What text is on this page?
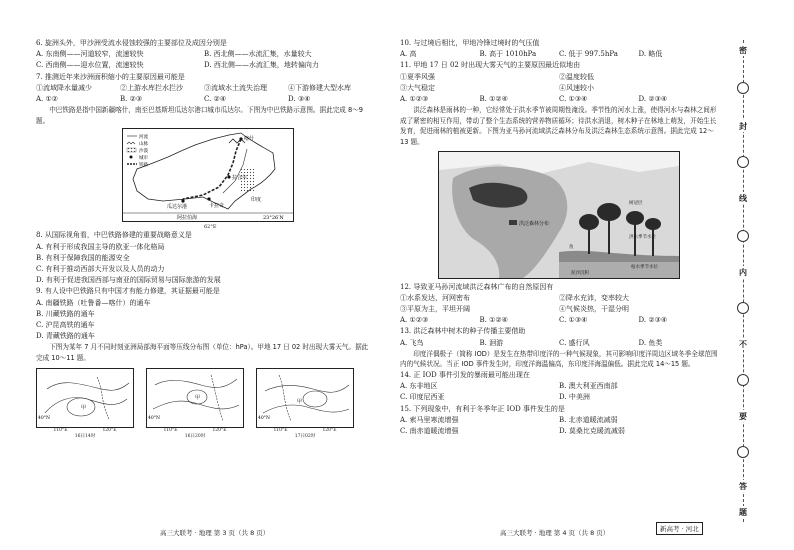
6. 旋洲头外，甲沙洲受流水侵蚀较强的主要部位及成因分别是
A. 东南侧——河道较窄，流速较快	B. 西北侧——水流汇集，水量较大
C. 西南侧——迎水位置，流速较快	D. 西北侧——水流汇集，地转偏向力
7. 推测近年来沙洲面积缩小的主要原因最可能是
①流域降水量减少	②上游水库拦水拦沙	③流域水土流失治理	④下游修建大型水库
A. ①②	B. ②③	C. ②④	D. ③④
中巴铁路是指中国新疆喀什，南至巴基斯坦瓜达尔港口城市瓜达尔。下图为中巴铁路示意图。据此完成 8～9 题。
喀什
拉合尔
卡拉奇
瓜达尔港
印度
阿拉伯海	23°26′N
河流
山脉
沙漠
城市
铁路
62°E
8. 从国际视角看，中巴铁路修建的重要战略意义是
A. 有利于形成我国主导的欧亚一体化格局
B. 有利于保障我国的能源安全
C. 有利于推动西部大开发以及人员的动力
D. 有利于促进我国西部与南亚的国际贸易与国际旅游的发展
9. 有人设中巴铁路只有中国才有能力修建，其证据最可能是
A. 南疆铁路（吐鲁番—喀什）的通车
B. 川藏铁路的通车
C. 沪昆高铁的通车
D. 青藏铁路的通车
下图为某年 7 月不同时刻亚洲局部海平面等压线分布图（单位：hPa）。甲地 17 日 02 时出现大雾天气。据此完成 10～11 题。
甲
40°N
110°E	120°E
16日14时
甲
40°N
110°E	120°E
16日20时
甲
40°N
110°E	120°E
17日02时
高三大联考 · 地理 第 3 页（共 8 页）
10. 与过境后相比，甲地冷锋过境时的气压值
A. 高	B. 高于 1010hPa	C. 低于 997.5hPa	D. 略低
11. 甲地 17 日 02 时出现大雾天气的主要原因最近似地由
①夏季风强	②温度较低
③大气稳定	④风速较小
A. ①②③	B. ①②④	C. ①③④	D. ②③④
洪泛森林是雨林的一种，它经常处于洪水季节被周期性淹没。季节性的河水上涨，使得河水与森林之间形成了紧密的相互作用，带动了整个生态系统的营养物质循环；待洪水消退，树木种子在林地上萌发，开始生长发育，促进雨林的植被更新。下图为亚马孙河流域洪泛森林分布及洪泛森林生态系统示意图。据此完成 12～13 题。
洪泛森林分布
树冠层
洪水季节水位
鱼
枯水季节水位
泥沙沉积
12. 导致亚马孙河流域洪泛森林广布的自然原因有
①水系发达，河网密布	②降水充沛，变率较大
③平原为主，平坦开阔	④气候炎热，干湿分明
A. ①②③	B. ①②④	C. ①③④	D. ②③④
13. 洪泛森林中树木的种子传播主要借助
A. 飞鸟	B. 洄游	C. 盛行风	D. 鱼类
印度洋偶极子（简称 IOD）是发生在热带印度洋的一种气候现象，其可影响印度洋周边区域冬季全球范围内的气候状况。当正 IOD 事件发生时，印度洋海温偏高，东印度洋海温偏低。据此完成 14～15 题。
14. 正 IOD 事件引发的暴雨最可能出现在
A. 东非地区	B. 澳大利亚西南部
C. 印度尼西亚	D. 中美洲
15. 下列现象中，有利于冬季年正 IOD 事件发生的是
A. 索马里寒流增强	B. 北赤道暖流减弱
C. 南赤道暖流增强	D. 莫桑比克暖流减弱
高三大联考 · 地理 第 4 页（共 8 页）
密
封
线
内
不
要
答
题
新高考 · 河北
